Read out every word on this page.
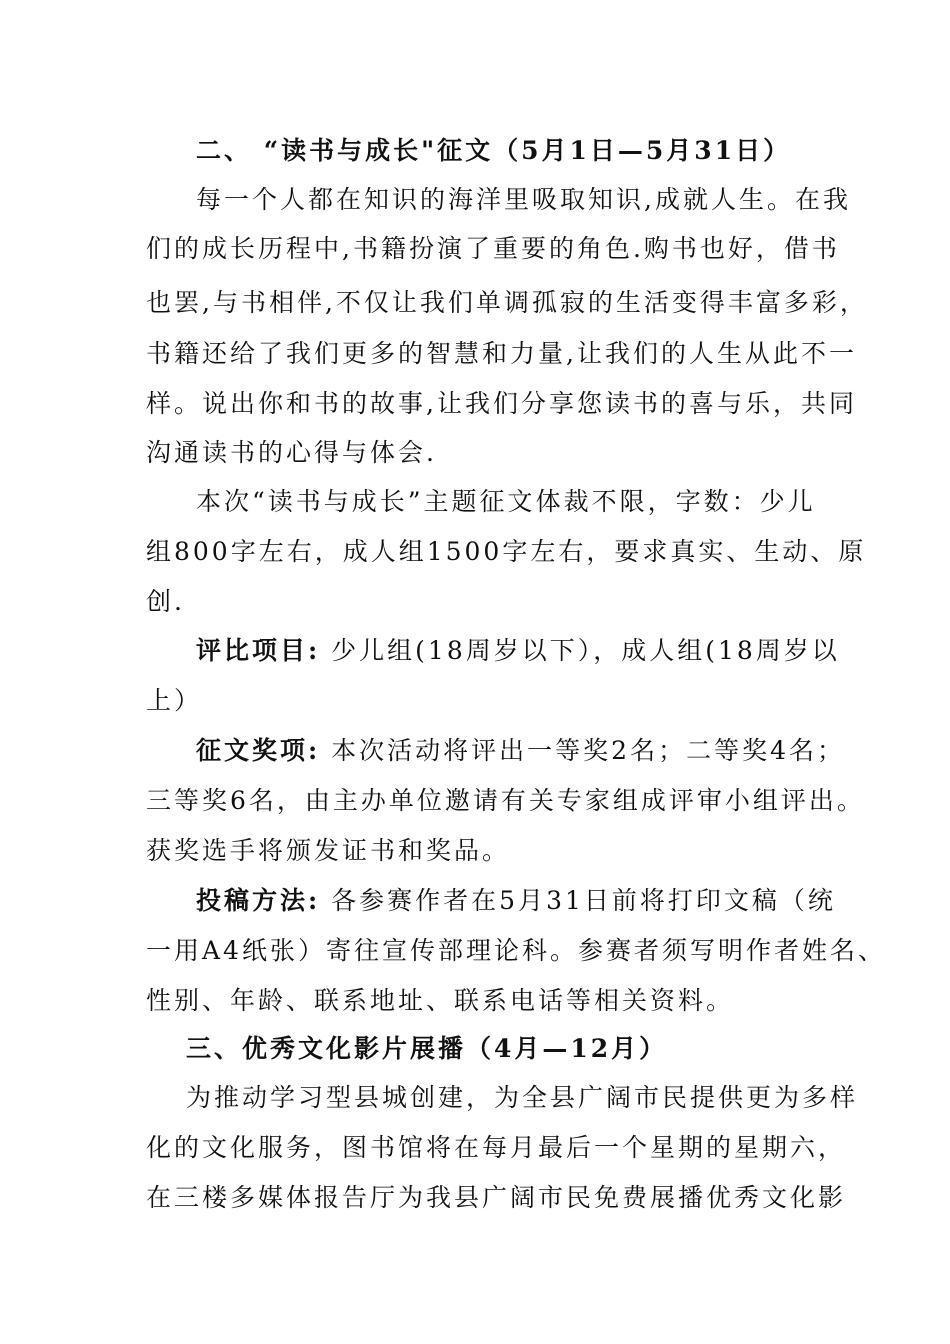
二、 “读书与成长"征文（5月1日—5月31日）
每一个人都在知识的海洋里吸取知识,成就人生。在我
们的成长历程中,书籍扮演了重要的角色.购书也好，借书
也罢,与书相伴,不仅让我们单调孤寂的生活变得丰富多彩，
书籍还给了我们更多的智慧和力量,让我们的人生从此不一
样。说出你和书的故事,让我们分享您读书的喜与乐，共同
沟通读书的心得与体会.
本次“读书与成长”主题征文体裁不限，字数：少儿
组800字左右，成人组1500字左右，要求真实、生动、原
创.
评比项目: 少儿组(18周岁以下），成人组(18周岁以
上）
征文奖项: 本次活动将评出一等奖2名；二等奖4名；
三等奖6名，由主办单位邀请有关专家组成评审小组评出。
获奖选手将颁发证书和奖品。
投稿方法: 各参赛作者在5月31日前将打印文稿（统
一用A4纸张）寄往宣传部理论科。参赛者须写明作者姓名、
性别、年龄、联系地址、联系电话等相关资料。
三、优秀文化影片展播（4月—12月）
为推动学习型县城创建，为全县广阔市民提供更为多样
化的文化服务，图书馆将在每月最后一个星期的星期六，
在三楼多媒体报告厅为我县广阔市民免费展播优秀文化影
